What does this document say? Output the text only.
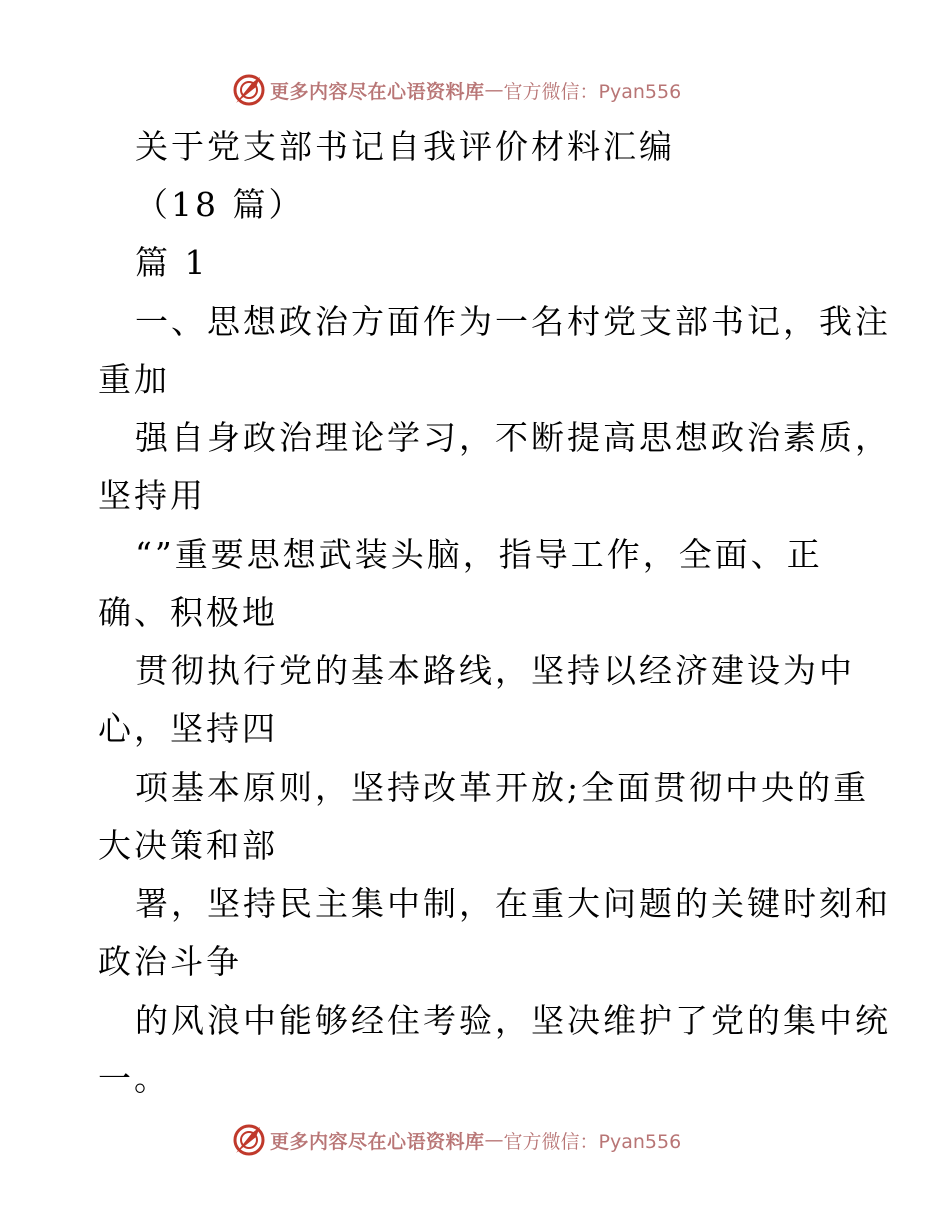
更多内容尽在心语资料库 — 官方微信：Pyan556
关于党支部书记自我评价材料汇编
（18 篇）
篇 1
一、思想政治方面作为一名村党支部书记，我注
重加
强自身政治理论学习，不断提高思想政治素质，
坚持用
“”重要思想武装头脑，指导工作，全面、正
确、积极地
贯彻执行党的基本路线，坚持以经济建设为中
心，坚持四
项基本原则，坚持改革开放;全面贯彻中央的重
大决策和部
署，坚持民主集中制，在重大问题的关键时刻和
政治斗争
的风浪中能够经住考验，坚决维护了党的集中统
一。
更多内容尽在心语资料库 — 官方微信：Pyan556
